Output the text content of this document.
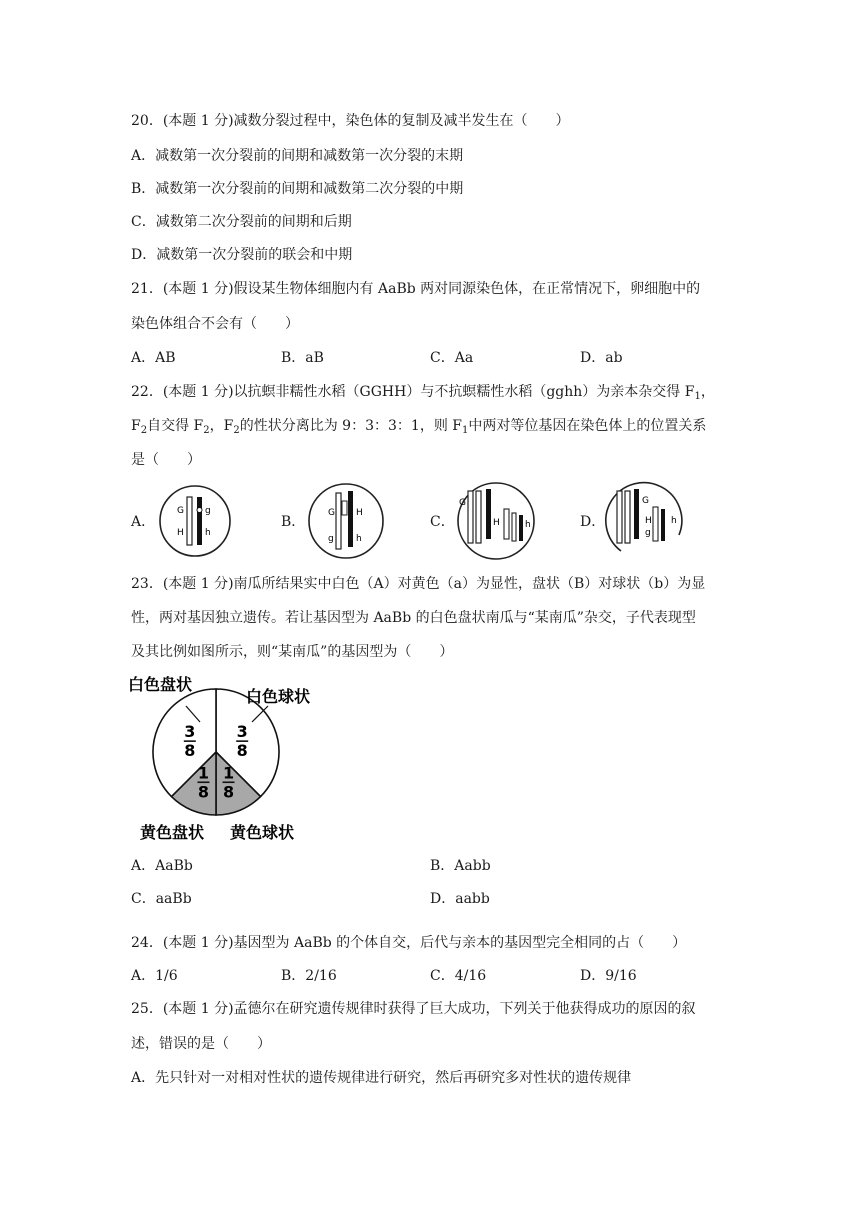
20．(本题 1 分)减数分裂过程中，染色体的复制及减半发生在（　　）
A．减数第一次分裂前的间期和减数第一次分裂的末期
B．减数第一次分裂前的间期和减数第二次分裂的中期
C．减数第二次分裂前的间期和后期
D．减数第一次分裂前的联会和中期
21．(本题 1 分)假设某生物体细胞内有 AaBb 两对同源染色体，在正常情况下，卵细胞中的
染色体组合不会有（　　）
A．AB	B．aB	C．Aa	D．ab
22．(本题 1 分)以抗螟非糯性水稻（GGHH）与不抗螟糯性水稻（gghh）为亲本杂交得 $F_1$，
$F_2$自交得 $F_2$，$F_2$的性状分离比为 9：3：3：1，则 $F_1$中两对等位基因在染色体上的位置关系
是（　　）
A．	B．	C．	D．
G g
H h
G H
g h
G
H	h
G
H
g
h
23．(本题 1 分)南瓜所结果实中白色（A）对黄色（a）为显性，盘状（B）对球状（b）为显
性，两对基因独立遗传。若让基因型为 AaBb 的白色盘状南瓜与“某南瓜”杂交，子代表现型
及其比例如图所示，则“某南瓜”的基因型为（　　）
白色盘状
白色球状
黄色盘状 黄色球状
3
8
3
8
1
8
1
8
A．AaBb	B．Aabb
C．aaBb	D．aabb
24．(本题 1 分)基因型为 AaBb 的个体自交，后代与亲本的基因型完全相同的占（　　）
A．1/6	B．2/16	C．4/16	D．9/16
25．(本题 1 分)孟德尔在研究遗传规律时获得了巨大成功，下列关于他获得成功的原因的叙
述，错误的是（　　）
A．先只针对一对相对性状的遗传规律进行研究，然后再研究多对性状的遗传规律
